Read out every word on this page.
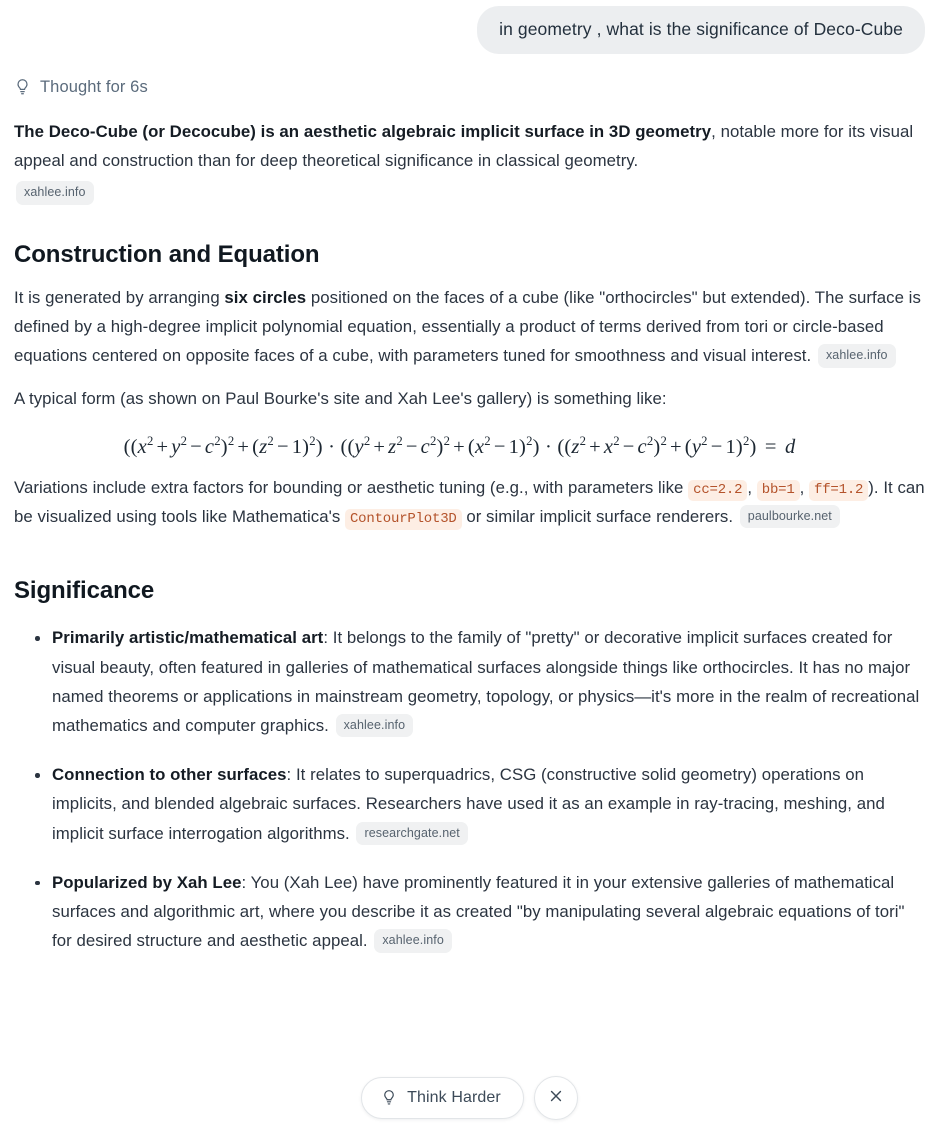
in geometry , what is the significance of Deco-Cube
Thought for 6s

The Deco-Cube (or Decocube) is an aesthetic algebraic implicit surface in 3D geometry, notable more for its visual appeal and construction than for deep theoretical significance in classical geometry.

xahlee.info
Construction and Equation

It is generated by arranging six circles positioned on the faces of a cube (like "orthocircles" but extended). The surface is defined by a high-degree implicit polynomial equation, essentially a product of terms derived from tori or circle-based equations centered on opposite faces of a cube, with parameters tuned for smoothness and visual interest. xahlee.info

A typical form (as shown on Paul Bourke's site and Xah Lee's gallery) is something like:

$((x^2 + y^2 - c^2)^2 + (z^2 - 1)^2) \cdot ((y^2 + z^2 - c^2)^2 + (x^2 - 1)^2) \cdot ((z^2 + x^2 - c^2)^2 + (y^2 - 1)^2) = d$

Variations include extra factors for bounding or aesthetic tuning (e.g., with parameters like cc=2.2 , bb=1 , ff=1.2 ). It can be visualized using tools like Mathematica's ContourPlot3D or similar implicit surface renderers. paulbourke.net

Significance
Primarily artistic/mathematical art: It belongs to the family of "pretty" or decorative implicit surfaces created for visual beauty, often featured in galleries of mathematical surfaces alongside things like orthocircles. It has no major named theorems or applications in mainstream geometry, topology, or physics—it's more in the realm of recreational mathematics and computer graphics. xahlee.info
Connection to other surfaces: It relates to superquadrics, CSG (constructive solid geometry) operations on implicits, and blended algebraic surfaces. Researchers have used it as an example in ray-tracing, meshing, and implicit surface interrogation algorithms. researchgate.net
Popularized by Xah Lee: You (Xah Lee) have prominently featured it in your extensive galleries of mathematical surfaces and algorithmic art, where you describe it as created "by manipulating several algebraic equations of tori" for desired structure and aesthetic appeal. xahlee.info
Think Harder
